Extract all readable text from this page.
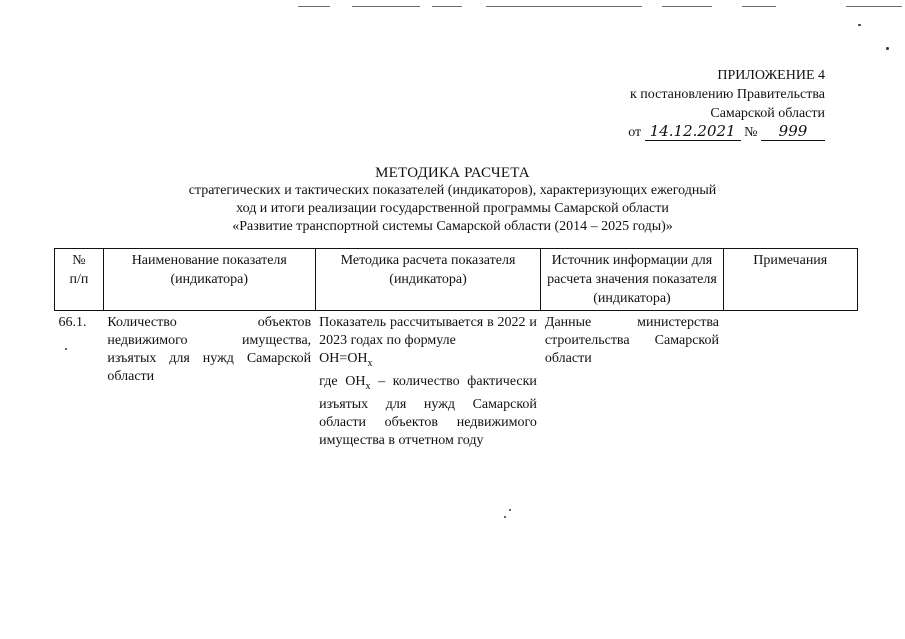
ПРИЛОЖЕНИЕ 4
к постановлению Правительства
Самарской области
от 14.12.2021 № 999
МЕТОДИКА РАСЧЕТА
стратегических и тактических показателей (индикаторов), характеризующих ежегодный
ход и итоги реализации государственной программы Самарской области
«Развитие транспортной системы Самарской области (2014 – 2025 годы)»
№
п/п	Наименование показателя (индикатора)	Методика расчета показателя (индикатора)	Источник информации для расчета значения показателя (индикатора)	Примечания
66.1.	Количество объектов недвижимого имущества, изъятых для нужд Самарской области	Показатель рассчитывается в 2022 и 2023 годах по формуле
$ОН=ОН_x$
где $ОН_x$ – количество фактически изъятых для нужд Самарской области объектов недвижимого имущества в отчетном году	Данные министерства строительства Самарской области	
